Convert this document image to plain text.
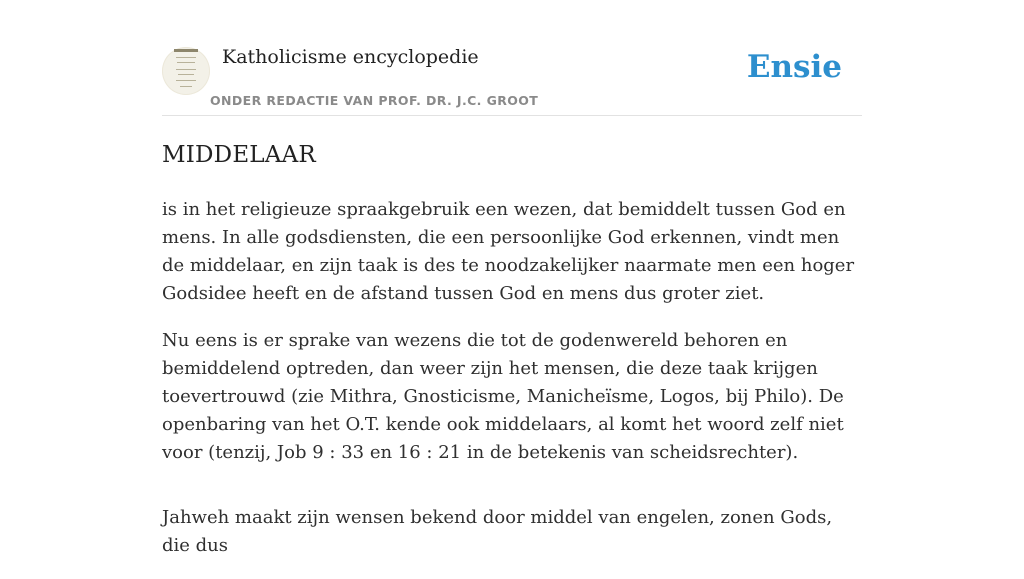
Katholicisme encyclopedie
ONDER REDACTIE VAN PROF. DR. J.C. GROOT
Ensie
MIDDELAAR

is in het religieuze spraakgebruik een wezen, dat bemiddelt tussen God en mens. In alle godsdiensten, die een persoonlijke God erkennen, vindt men de middelaar, en zijn taak is des te noodzakelijker naarmate men een hoger Godsidee heeft en de afstand tussen God en mens dus groter ziet.

Nu eens is er sprake van wezens die tot de godenwereld behoren en bemiddelend optreden, dan weer zijn het mensen, die deze taak krijgen toevertrouwd (zie Mithra, Gnosticisme, Manicheïsme, Logos, bij Philo). De openbaring van het O.T. kende ook middelaars, al komt het woord zelf niet voor (tenzij, Job 9 : 33 en 16 : 21 in de betekenis van scheidsrechter).

Jahweh maakt zijn wensen bekend door middel van engelen, zonen Gods, die dus
